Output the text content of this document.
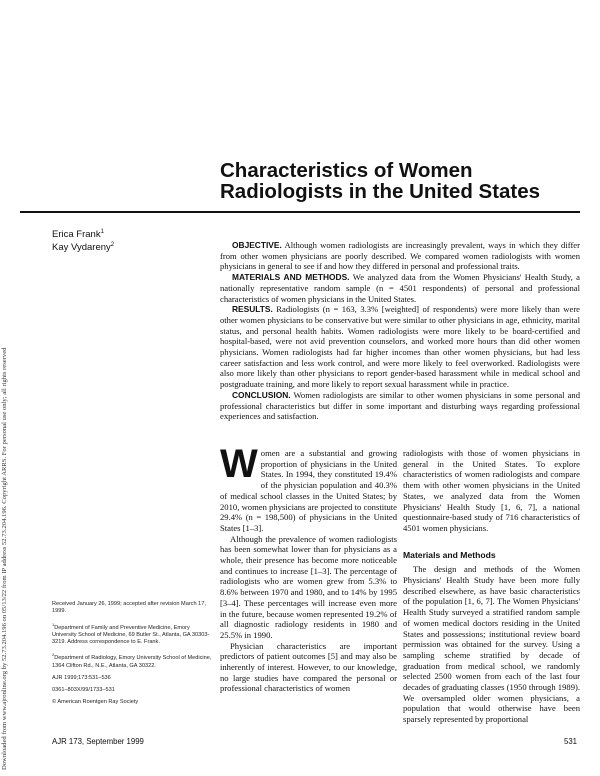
Downloaded from www.ajronline.org by 52.73.204.196 on 05/13/22 from IP address 52.73.204.196. Copyright ARRS. For personal use only; all rights reserved
Characteristics of Women
Radiologists in the United States
Erica Frank$^1$
Kay Vydareny$^2$	OBJECTIVE. Although women radiologists are increasingly prevalent, ways in which they differ from other women physicians are poorly described. We compared women radiologists with women physicians in general to see if and how they differed in personal and professional traits.

MATERIALS AND METHODS. We analyzed data from the Women Physicians' Health Study, a nationally representative random sample (n = 4501 respondents) of personal and professional characteristics of women physicians in the United States.

RESULTS. Radiologists (n = 163, 3.3% [weighted] of respondents) were more likely than were other women physicians to be conservative but were similar to other physicians in age, ethnicity, marital status, and personal health habits. Women radiologists were more likely to be board-certified and hospital-based, were not avid prevention counselors, and worked more hours than did other women physicians. Women radiologists had far higher incomes than other women physicians, but had less career satisfaction and less work control, and were more likely to feel overworked. Radiologists were also more likely than other physicians to report gender-based harassment while in medical school and postgraduate training, and more likely to report sexual harassment while in practice.

CONCLUSION. Women radiologists are similar to other women physicians in some personal and professional characteristics but differ in some important and disturbing ways regarding professional experiences and satisfaction.

Women are a substantial and growing proportion of physicians in the United States. In 1994, they constituted 19.4% of the physician population and 40.3% of medical school classes in the United States; by 2010, women physicians are projected to constitute 29.4% (n = 198,500) of physicians in the United States [1–3].

Although the prevalence of women radiologists has been somewhat lower than for physicians as a whole, their presence has become more noticeable and continues to increase [1–3]. The percentage of radiologists who are women grew from 5.3% to 8.6% between 1970 and 1980, and to 14% by 1995 [3–4]. These percentages will increase even more in the future, because women represented 19.2% of all diagnostic radiology residents in 1980 and 25.5% in 1990.

Physician characteristics are important predictors of patient outcomes [5] and may also be inherently of interest. However, to our knowledge, no large studies have compared the personal or professional characteristics of women

radiologists with those of women physicians in general in the United States. To explore characteristics of women radiologists and compare them with other women physicians in the United States, we analyzed data from the Women Physicians' Health Study [1, 6, 7], a national questionnaire-based study of 716 characteristics of 4501 women physicians.

Materials and Methods

The design and methods of the Women Physicians' Health Study have been more fully described elsewhere, as have basic characteristics of the population [1, 6, 7]. The Women Physicians' Health Study surveyed a stratified random sample of women medical doctors residing in the United States and possessions; institutional review board permission was obtained for the survey. Using a sampling scheme stratified by decade of graduation from medical school, we randomly selected 2500 women from each of the last four decades of graduating classes (1950 through 1989). We oversampled older women physicians, a population that would otherwise have been sparsely represented by proportional

Received January 26, 1999; accepted after revision March 17, 1999.

$^1$Department of Family and Preventive Medicine, Emory University School of Medicine, 69 Butler St., Atlanta, GA 30303-3219. Address correspondence to E. Frank.

$^2$Department of Radiology, Emory University School of Medicine, 1364 Clifton Rd., N.E., Atlanta, GA 30322.

AJR 1999;173:531–536

0361–803X/99/1733–531

© American Roentgen Ray Society

AJR 173, September 1999	531
